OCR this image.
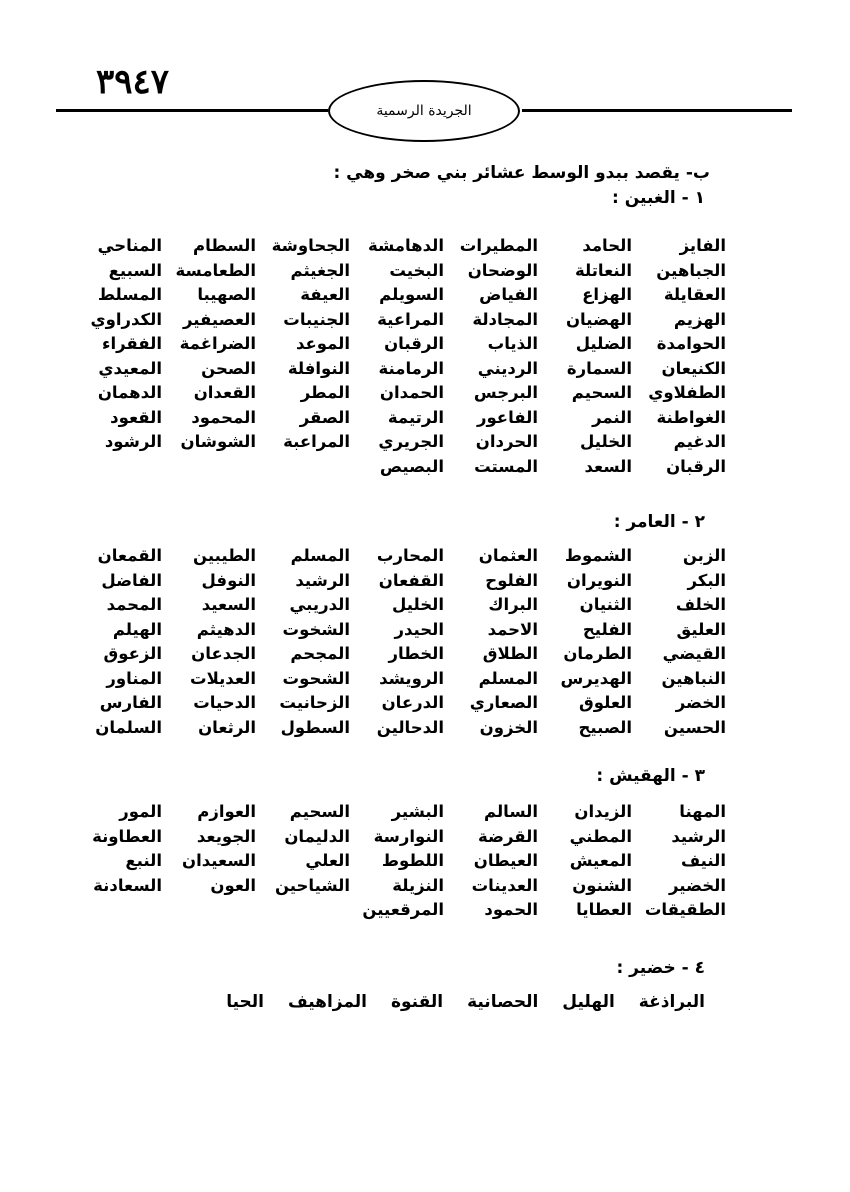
٣٩٤٧
الجريدة الرسمية
ب- يقصد ببدو الوسط عشائر بني صخر وهي :
١ - الغبين :
الفايز
الحامد
المطيرات
الدهامشة
الجحاوشة
السطام
المناحي
الجباهين
النعاتلة
الوضحان
البخيت
الجغيثم
الطعامسة
السبيع
العقايلة
الهزاع
الفياض
السويلم
العيفة
الصهيبا
المسلط
الهزيم
الهضيان
المجادلة
المراعية
الجنيبات
العصيفير
الكدراوي
الحوامدة
الضليل
الذياب
الرقبان
الموعد
الضراغمة
الفقراء
الكنيعان
السمارة
الرديني
الرمامنة
النوافلة
الصحن
المعيدي
الطفلاوي
السحيم
البرجس
الحمدان
المطر
القعدان
الدهمان
الغواطنة
النمر
الفاعور
الرتيمة
الصقر
المحمود
القعود
الدغيم
الخليل
الحردان
الجريري
المراعبة
الشوشان
الرشود
الرقبان
السعد
المستت
البصيص
٢ - العامر :
الزبن
الشموط
العثمان
المحارب
المسلم
الطيبين
القمعان
البكر
النويران
الفلوح
القفعان
الرشيد
النوفل
الفاضل
الخلف
الثنيان
البراك
الخليل
الدريبي
السعيد
المحمد
العليق
الفليح
الاحمد
الحيدر
الشخوت
الدهيثم
الهيلم
القيضي
الطرمان
الطلاق
الخطار
المجحم
الجدعان
الزعوق
النباهين
الهديرس
المسلم
الرويشد
الشحوت
العديلات
المناور
الخضر
العلوق
الصعاري
الدرعان
الزحانيت
الدحيات
الفارس
الحسين
الصبيح
الخزون
الدحالين
السطول
الرثعان
السلمان
٣ - الهقيش :
المهنا
الزيدان
السالم
البشير
السحيم
العوازم
المور
الرشيد
المطني
القرضة
النوارسة
الدليمان
الجويعد
العطاونة
النيف
المعيش
العيطان
اللطوط
العلي
السعيدان
النبع
الخضير
الشنون
العدينات
النزيلة
الشياحين
العون
السعادنة
الطقيقات
العطايا
الحمود
المرقعيين
٤ - خضير :
البراذغة
الهليل
الحصانية
القنوة
المزاهيف
الحيا
